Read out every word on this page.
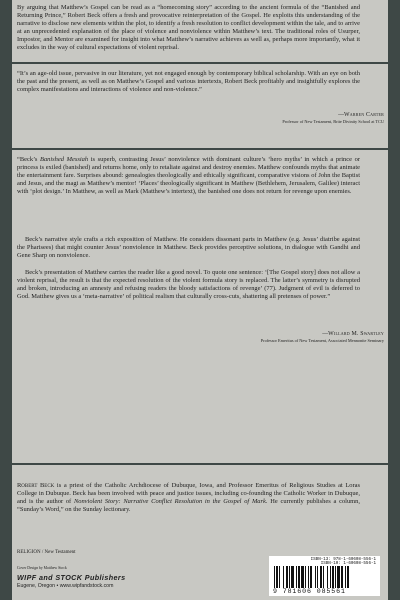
By arguing that Matthew’s Gospel can be read as a “homecoming story” according to the ancient formula of the “Banished and Returning Prince,” Robert Beck offers a fresh and provocative reinterpretation of the Gospel. He exploits this understanding of the narrative to disclose new elements within the plot, to identify a fresh resolution to conflict development within the tale, and to arrive at an unprecedented explanation of the place of violence and nonviolence within Matthew’s text. The traditional roles of Usurper, Impostor, and Mentor are examined for insight into what Matthew’s narrative achieves as well as, perhaps more importantly, what it excludes in the way of cultural expectations of violent reprisal.

“It’s an age-old issue, pervasive in our literature, yet not engaged enough by contemporary biblical scholarship. With an eye on both the past and the present, as well as on Matthew’s Gospel and various intertexts, Robert Beck profitably and insightfully explores the complex manifestations and interactions of violence and non-violence.”

—Warren Carter
Professor of New Testament, Brite Divinity School at TCU

“Beck’s Banished Messiah is superb, contrasting Jesus’ nonviolence with dominant culture’s ‘hero myths’ in which a prince or princess is exiled (banished) and returns home, only to retaliate against and destroy enemies. Matthew confounds myths that animate the entertainment fare. Surprises abound: genealogies theologically and ethically significant, comparative visions of John the Baptist and Jesus, and the magi as Matthew’s mentor! ‘Places’ theologically significant in Matthew (Bethlehem, Jerusalem, Galilee) interact with ‘plot design.’ In Matthew, as well as Mark (Matthew’s intertext), the banished one does not return for revenge upon enemies.

Beck’s narrative style crafts a rich exposition of Matthew. He considers dissonant parts in Matthew (e.g. Jesus’ diatribe against the Pharisees) that might counter Jesus’ nonviolence in Matthew. Beck provides perceptive solutions, in dialogue with Gandhi and Gene Sharp on nonviolence.

Beck’s presentation of Matthew carries the reader like a good novel. To quote one sentence: ‘[The Gospel story] does not allow a violent reprisal, the result is that the expected resolution of the violent formula story is replaced. The latter’s symmetry is disrupted and broken, introducing an amnesty and refusing readers the bloody satisfactions of revenge’ (77). Judgment of evil is deferred to God. Matthew gives us a ‘meta-narrative’ of political realism that culturally cross-cuts, shattering all pretenses of power.”

—Willard M. Swartley
Professor Emeritus of New Testament, Associated Mennonite Seminary

Robert Beck is a priest of the Catholic Archdiocese of Dubuque, Iowa, and Professor Emeritus of Religious Studies at Loras College in Dubuque. Beck has been involved with peace and justice issues, including co-founding the Catholic Worker in Dubuque, and is the author of Nonviolent Story: Narrative Conflict Resolution in the Gospel of Mark. He currently publishes a column, “Sunday’s Word,” on the Sunday lectionary.

RELIGION / New Testament
Cover Design by Matthew Stock
WIPF and STOCK Publishers
Eugene, Oregon • www.wipfandstock.com
ISBN-13: 978-1-60608-556-1
ISBN-10: 1-60608-556-1
9 781606 085561
